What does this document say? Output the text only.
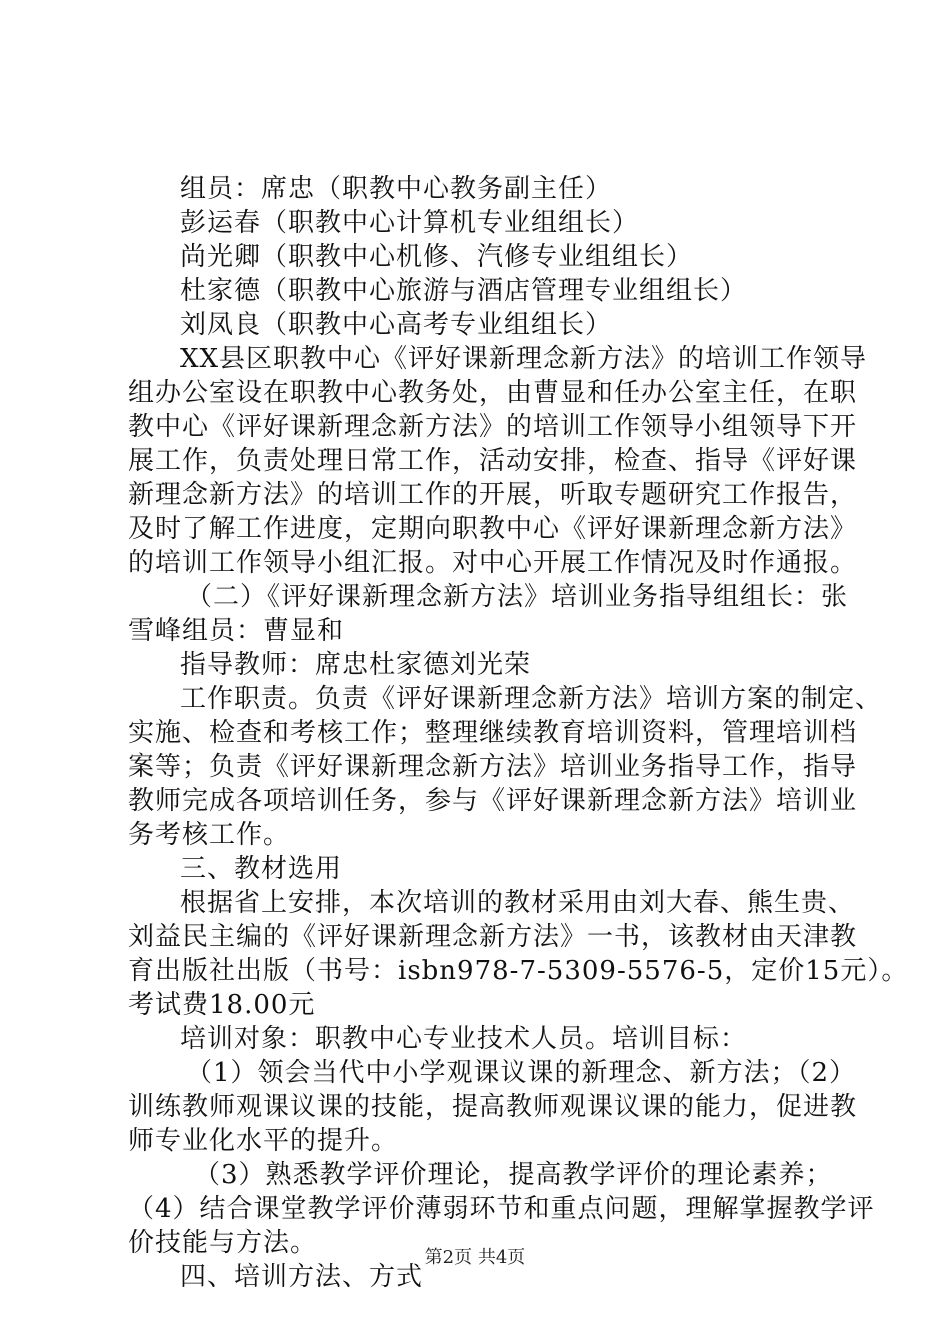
组员：席忠（职教中心教务副主任）
彭运春（职教中心计算机专业组组长）
尚光卿（职教中心机修、汽修专业组组长）
杜家德（职教中心旅游与酒店管理专业组组长）
刘凤良（职教中心高考专业组组长）
XX县区职教中心《评好课新理念新方法》的培训工作领导
组办公室设在职教中心教务处，由曹显和任办公室主任，在职
教中心《评好课新理念新方法》的培训工作领导小组领导下开
展工作，负责处理日常工作，活动安排，检查、指导《评好课
新理念新方法》的培训工作的开展，听取专题研究工作报告，
及时了解工作进度，定期向职教中心《评好课新理念新方法》
的培训工作领导小组汇报。对中心开展工作情况及时作通报。
（二）《评好课新理念新方法》培训业务指导组组长：张
雪峰组员：曹显和
指导教师：席忠杜家德刘光荣
工作职责。负责《评好课新理念新方法》培训方案的制定、
实施、检查和考核工作；整理继续教育培训资料，管理培训档
案等；负责《评好课新理念新方法》培训业务指导工作，指导
教师完成各项培训任务，参与《评好课新理念新方法》培训业
务考核工作。
三、教材选用
根据省上安排，本次培训的教材采用由刘大春、熊生贵、
刘益民主编的《评好课新理念新方法》一书，该教材由天津教
育出版社出版（书号：isbn978-7-5309-5576-5，定价15元）。
考试费18.00元
培训对象：职教中心专业技术人员。培训目标：
（1）领会当代中小学观课议课的新理念、新方法；（2）
训练教师观课议课的技能，提高教师观课议课的能力，促进教
师专业化水平的提升。
（3）熟悉教学评价理论，提高教学评价的理论素养；
（4）结合课堂教学评价薄弱环节和重点问题，理解掌握教学评
价技能与方法。
四、培训方法、方式
第2页 共4页
